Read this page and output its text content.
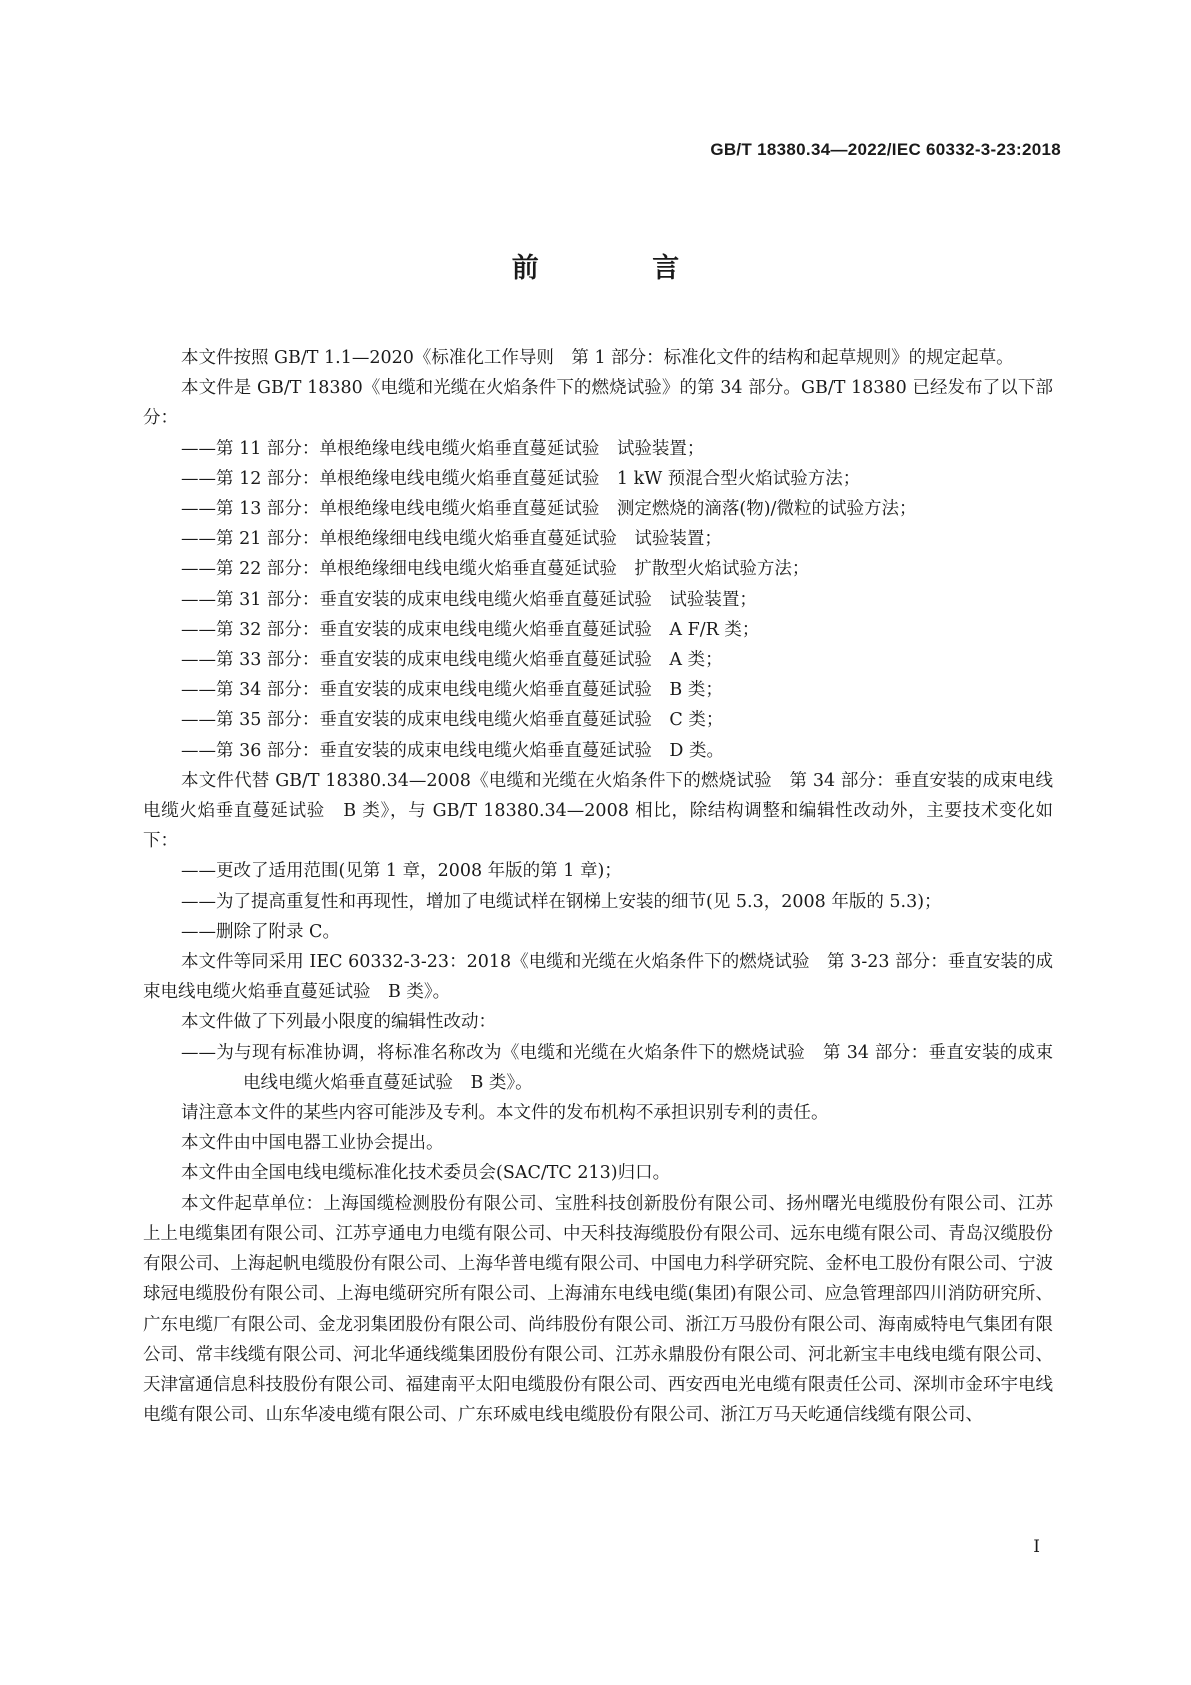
GB/T 18380.34—2022/IEC 60332-3-23:2018
前 言

本文件按照 GB/T 1.1—2020《标准化工作导则　第 1 部分：标准化文件的结构和起草规则》的规定起草。

本文件是 GB/T 18380《电缆和光缆在火焰条件下的燃烧试验》的第 34 部分。GB/T 18380 已经发布了以下部分：

——第 11 部分：单根绝缘电线电缆火焰垂直蔓延试验　试验装置；

——第 12 部分：单根绝缘电线电缆火焰垂直蔓延试验　1 kW 预混合型火焰试验方法；

——第 13 部分：单根绝缘电线电缆火焰垂直蔓延试验　测定燃烧的滴落(物)/微粒的试验方法；

——第 21 部分：单根绝缘细电线电缆火焰垂直蔓延试验　试验装置；

——第 22 部分：单根绝缘细电线电缆火焰垂直蔓延试验　扩散型火焰试验方法；

——第 31 部分：垂直安装的成束电线电缆火焰垂直蔓延试验　试验装置；

——第 32 部分：垂直安装的成束电线电缆火焰垂直蔓延试验　A F/R 类；

——第 33 部分：垂直安装的成束电线电缆火焰垂直蔓延试验　A 类；

——第 34 部分：垂直安装的成束电线电缆火焰垂直蔓延试验　B 类；

——第 35 部分：垂直安装的成束电线电缆火焰垂直蔓延试验　C 类；

——第 36 部分：垂直安装的成束电线电缆火焰垂直蔓延试验　D 类。

本文件代替 GB/T 18380.34—2008《电缆和光缆在火焰条件下的燃烧试验　第 34 部分：垂直安装的成束电线电缆火焰垂直蔓延试验　B 类》，与 GB/T 18380.34—2008 相比，除结构调整和编辑性改动外，主要技术变化如下：

——更改了适用范围(见第 1 章，2008 年版的第 1 章)；

——为了提高重复性和再现性，增加了电缆试样在钢梯上安装的细节(见 5.3，2008 年版的 5.3)；

——删除了附录 C。

本文件等同采用 IEC 60332-3-23：2018《电缆和光缆在火焰条件下的燃烧试验　第 3-23 部分：垂直安装的成束电线电缆火焰垂直蔓延试验　B 类》。

本文件做了下列最小限度的编辑性改动：

——为与现有标准协调，将标准名称改为《电缆和光缆在火焰条件下的燃烧试验　第 34 部分：垂直安装的成束电线电缆火焰垂直蔓延试验　B 类》。

请注意本文件的某些内容可能涉及专利。本文件的发布机构不承担识别专利的责任。

本文件由中国电器工业协会提出。

本文件由全国电线电缆标准化技术委员会(SAC/TC 213)归口。

本文件起草单位：上海国缆检测股份有限公司、宝胜科技创新股份有限公司、扬州曙光电缆股份有限公司、江苏上上电缆集团有限公司、江苏亨通电力电缆有限公司、中天科技海缆股份有限公司、远东电缆有限公司、青岛汉缆股份有限公司、上海起帆电缆股份有限公司、上海华普电缆有限公司、中国电力科学研究院、金杯电工股份有限公司、宁波球冠电缆股份有限公司、上海电缆研究所有限公司、上海浦东电线电缆(集团)有限公司、应急管理部四川消防研究所、广东电缆厂有限公司、金龙羽集团股份有限公司、尚纬股份有限公司、浙江万马股份有限公司、海南威特电气集团有限公司、常丰线缆有限公司、河北华通线缆集团股份有限公司、江苏永鼎股份有限公司、河北新宝丰电线电缆有限公司、天津富通信息科技股份有限公司、福建南平太阳电缆股份有限公司、西安西电光电缆有限责任公司、深圳市金环宇电线电缆有限公司、山东华凌电缆有限公司、广东环威电线电缆股份有限公司、浙江万马天屹通信线缆有限公司、

I
